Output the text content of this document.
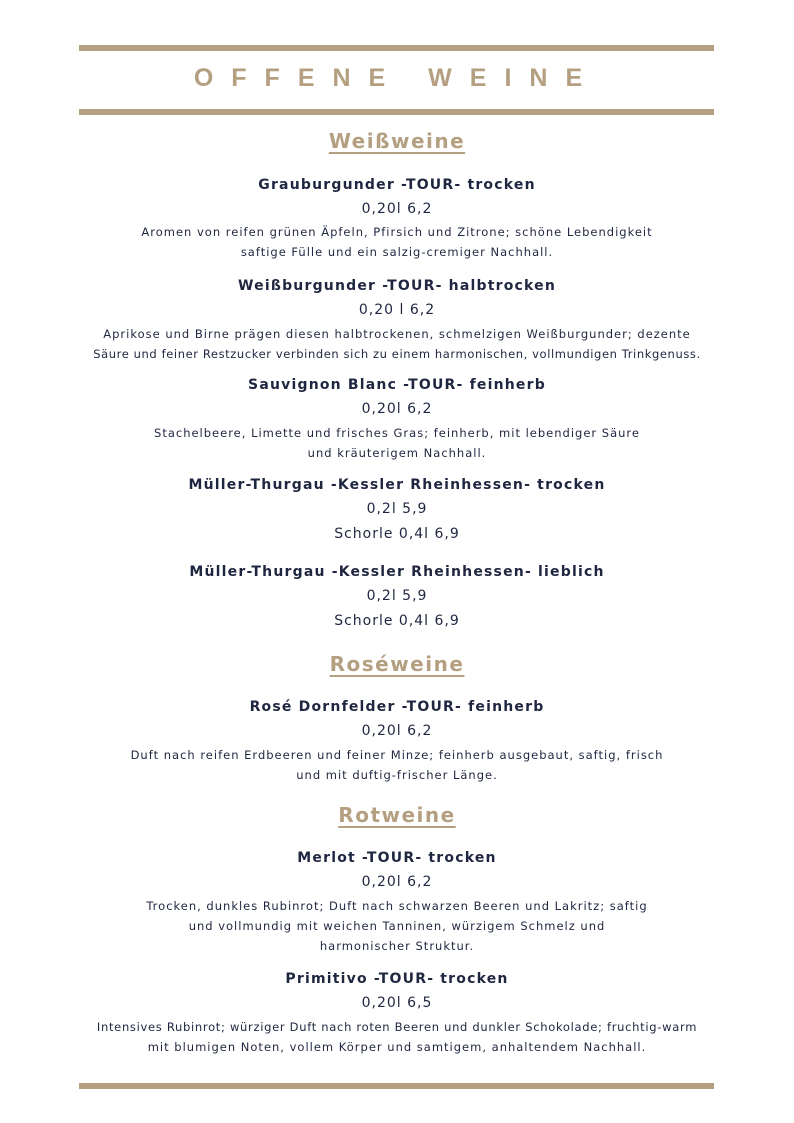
OFFENE WEINE
Weißweine
Grauburgunder -TOUR- trocken
0,20l 6,2
Aromen von reifen grünen Äpfeln, Pfirsich und Zitrone; schöne Lebendigkeit
saftige Fülle und ein salzig-cremiger Nachhall.
Weißburgunder -TOUR- halbtrocken
0,20 l 6,2
Aprikose und Birne prägen diesen halbtrockenen, schmelzigen Weißburgunder; dezente
Säure und feiner Restzucker verbinden sich zu einem harmonischen, vollmundigen Trinkgenuss.
Sauvignon Blanc -TOUR- feinherb
0,20l 6,2
Stachelbeere, Limette und frisches Gras; feinherb, mit lebendiger Säure
und kräuterigem Nachhall.
Müller-Thurgau -Kessler Rheinhessen- trocken
0,2l 5,9
Schorle 0,4l 6,9
Müller-Thurgau -Kessler Rheinhessen- lieblich
0,2l 5,9
Schorle 0,4l 6,9
Roséweine
Rosé Dornfelder -TOUR- feinherb
0,20l 6,2
Duft nach reifen Erdbeeren und feiner Minze; feinherb ausgebaut, saftig, frisch
und mit duftig-frischer Länge.
Rotweine
Merlot -TOUR- trocken
0,20l 6,2
Trocken, dunkles Rubinrot; Duft nach schwarzen Beeren und Lakritz; saftig
und vollmundig mit weichen Tanninen, würzigem Schmelz und
harmonischer Struktur.
Primitivo -TOUR- trocken
0,20l 6,5
Intensives Rubinrot; würziger Duft nach roten Beeren und dunkler Schokolade; fruchtig-warm
mit blumigen Noten, vollem Körper und samtigem, anhaltendem Nachhall.
